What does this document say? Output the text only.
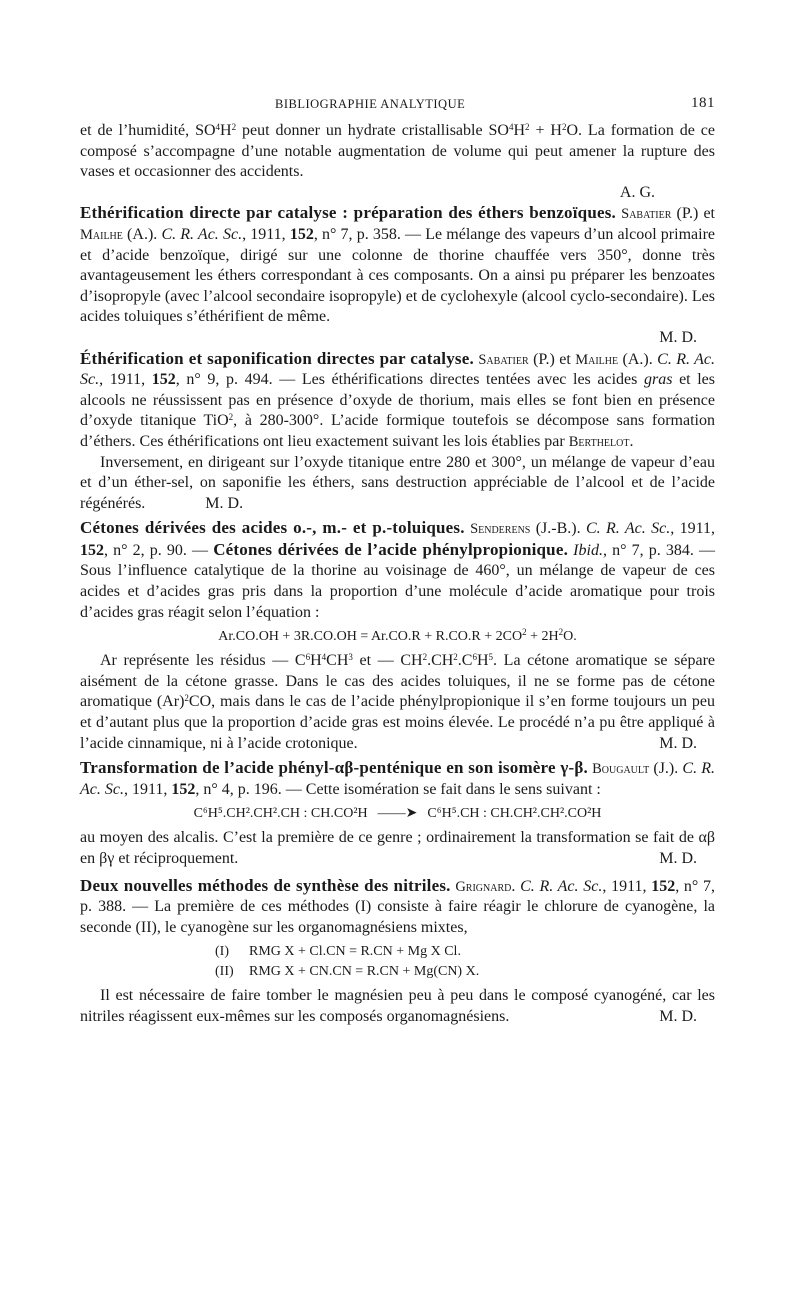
BIBLIOGRAPHIE ANALYTIQUE	181

et de l’humidité, $SO^4H^2$ peut donner un hydrate cristallisable $SO^4H^2 + H^2O$. La formation de ce composé s’accompagne d’une notable augmentation de volume qui peut amener la rupture des vases et occasionner des accidents.

A. G.

Ethérification directe par catalyse : préparation des éthers benzoïques. Sabatier (P.) et Mailhe (A.). C. R. Ac. Sc., 1911, 152, n° 7, p. 358. — Le mélange des vapeurs d’un alcool primaire et d’acide benzoïque, dirigé sur une colonne de thorine chauffée vers 350°, donne très avantageusement les éthers correspondant à ces composants. On a ainsi pu préparer les benzoates d’isopropyle (avec l’alcool secondaire isopropyle) et de cyclohexyle (alcool cyclo-secondaire). Les acides toluiques s’éthérifient de même.

M. D.

Éthérification et saponification directes par catalyse. Sabatier (P.) et Mailhe (A.). C. R. Ac. Sc., 1911, 152, n° 9, p. 494. — Les éthérifications directes tentées avec les acides gras et les alcools ne réussissent pas en présence d’oxyde de thorium, mais elles se font bien en présence d’oxyde titanique TiO$^2$, à 280-300°. L’acide formique toutefois se décompose sans formation d’éthers. Ces éthérifications ont lieu exactement suivant les lois établies par Berthelot.

Inversement, en dirigeant sur l’oxyde titanique entre 280 et 300°, un mélange de vapeur d’eau et d’un éther-sel, on saponifie les éthers, sans destruction appréciable de l’alcool et de l’acide régénérés.	M. D.

Cétones dérivées des acides o.-, m.- et p.-toluiques. Senderens (J.-B.). C. R. Ac. Sc., 1911, 152, n° 2, p. 90. — Cétones dérivées de l’acide phénylpropionique. Ibid., n° 7, p. 384. — Sous l’influence catalytique de la thorine au voisinage de 460°, un mélange de vapeur de ces acides et d’acides gras pris dans la proportion d’une molécule d’acide aromatique pour trois d’acides gras réagit selon l’équation :

$Ar.CO.OH + 3R.CO.OH = Ar.CO.R + R.CO.R + 2CO^2 + 2H^2O$.

Ar représente les résidus — $C^6H^4CH^3$ et — $CH^2.CH^2.C^6H^5$. La cétone aromatique se sépare aisément de la cétone grasse. Dans le cas des acides toluiques, il ne se forme pas de cétone aromatique $(Ar)^2CO$, mais dans le cas de l’acide phénylpropionique il s’en forme toujours un peu et d’autant plus que la proportion d’acide gras est moins élevée. Le procédé n’a pu être appliqué à l’acide cinnamique, ni à l’acide crotonique.	M. D.

Transformation de l’acide phényl-αβ-penténique en son isomère γ-β. Bougault (J.). C. R. Ac. Sc., 1911, 152, n° 4, p. 196. — Cette isomération se fait dans le sens suivant :

C⁶H⁵.CH².CH².CH : CH.CO²H ——➤ C⁶H⁵.CH : CH.CH².CH².CO²H

au moyen des alcalis. C’est la première de ce genre ; ordinairement la transformation se fait de αβ en βγ et réciproquement.	M. D.

Deux nouvelles méthodes de synthèse des nitriles. Grignard. C. R. Ac. Sc., 1911, 152, n° 7, p. 388. — La première de ces méthodes (I) consiste à faire réagir le chlorure de cyanogène, la seconde (II), le cyanogène sur les organomagnésiens mixtes,

(I) RMG X + Cl.CN = R.CN + Mg X Cl.
(II) RMG X + CN.CN = R.CN + Mg(CN) X.

Il est nécessaire de faire tomber le magnésien peu à peu dans le composé cyanogéné, car les nitriles réagissent eux-mêmes sur les composés organomagnésiens.	M. D.
